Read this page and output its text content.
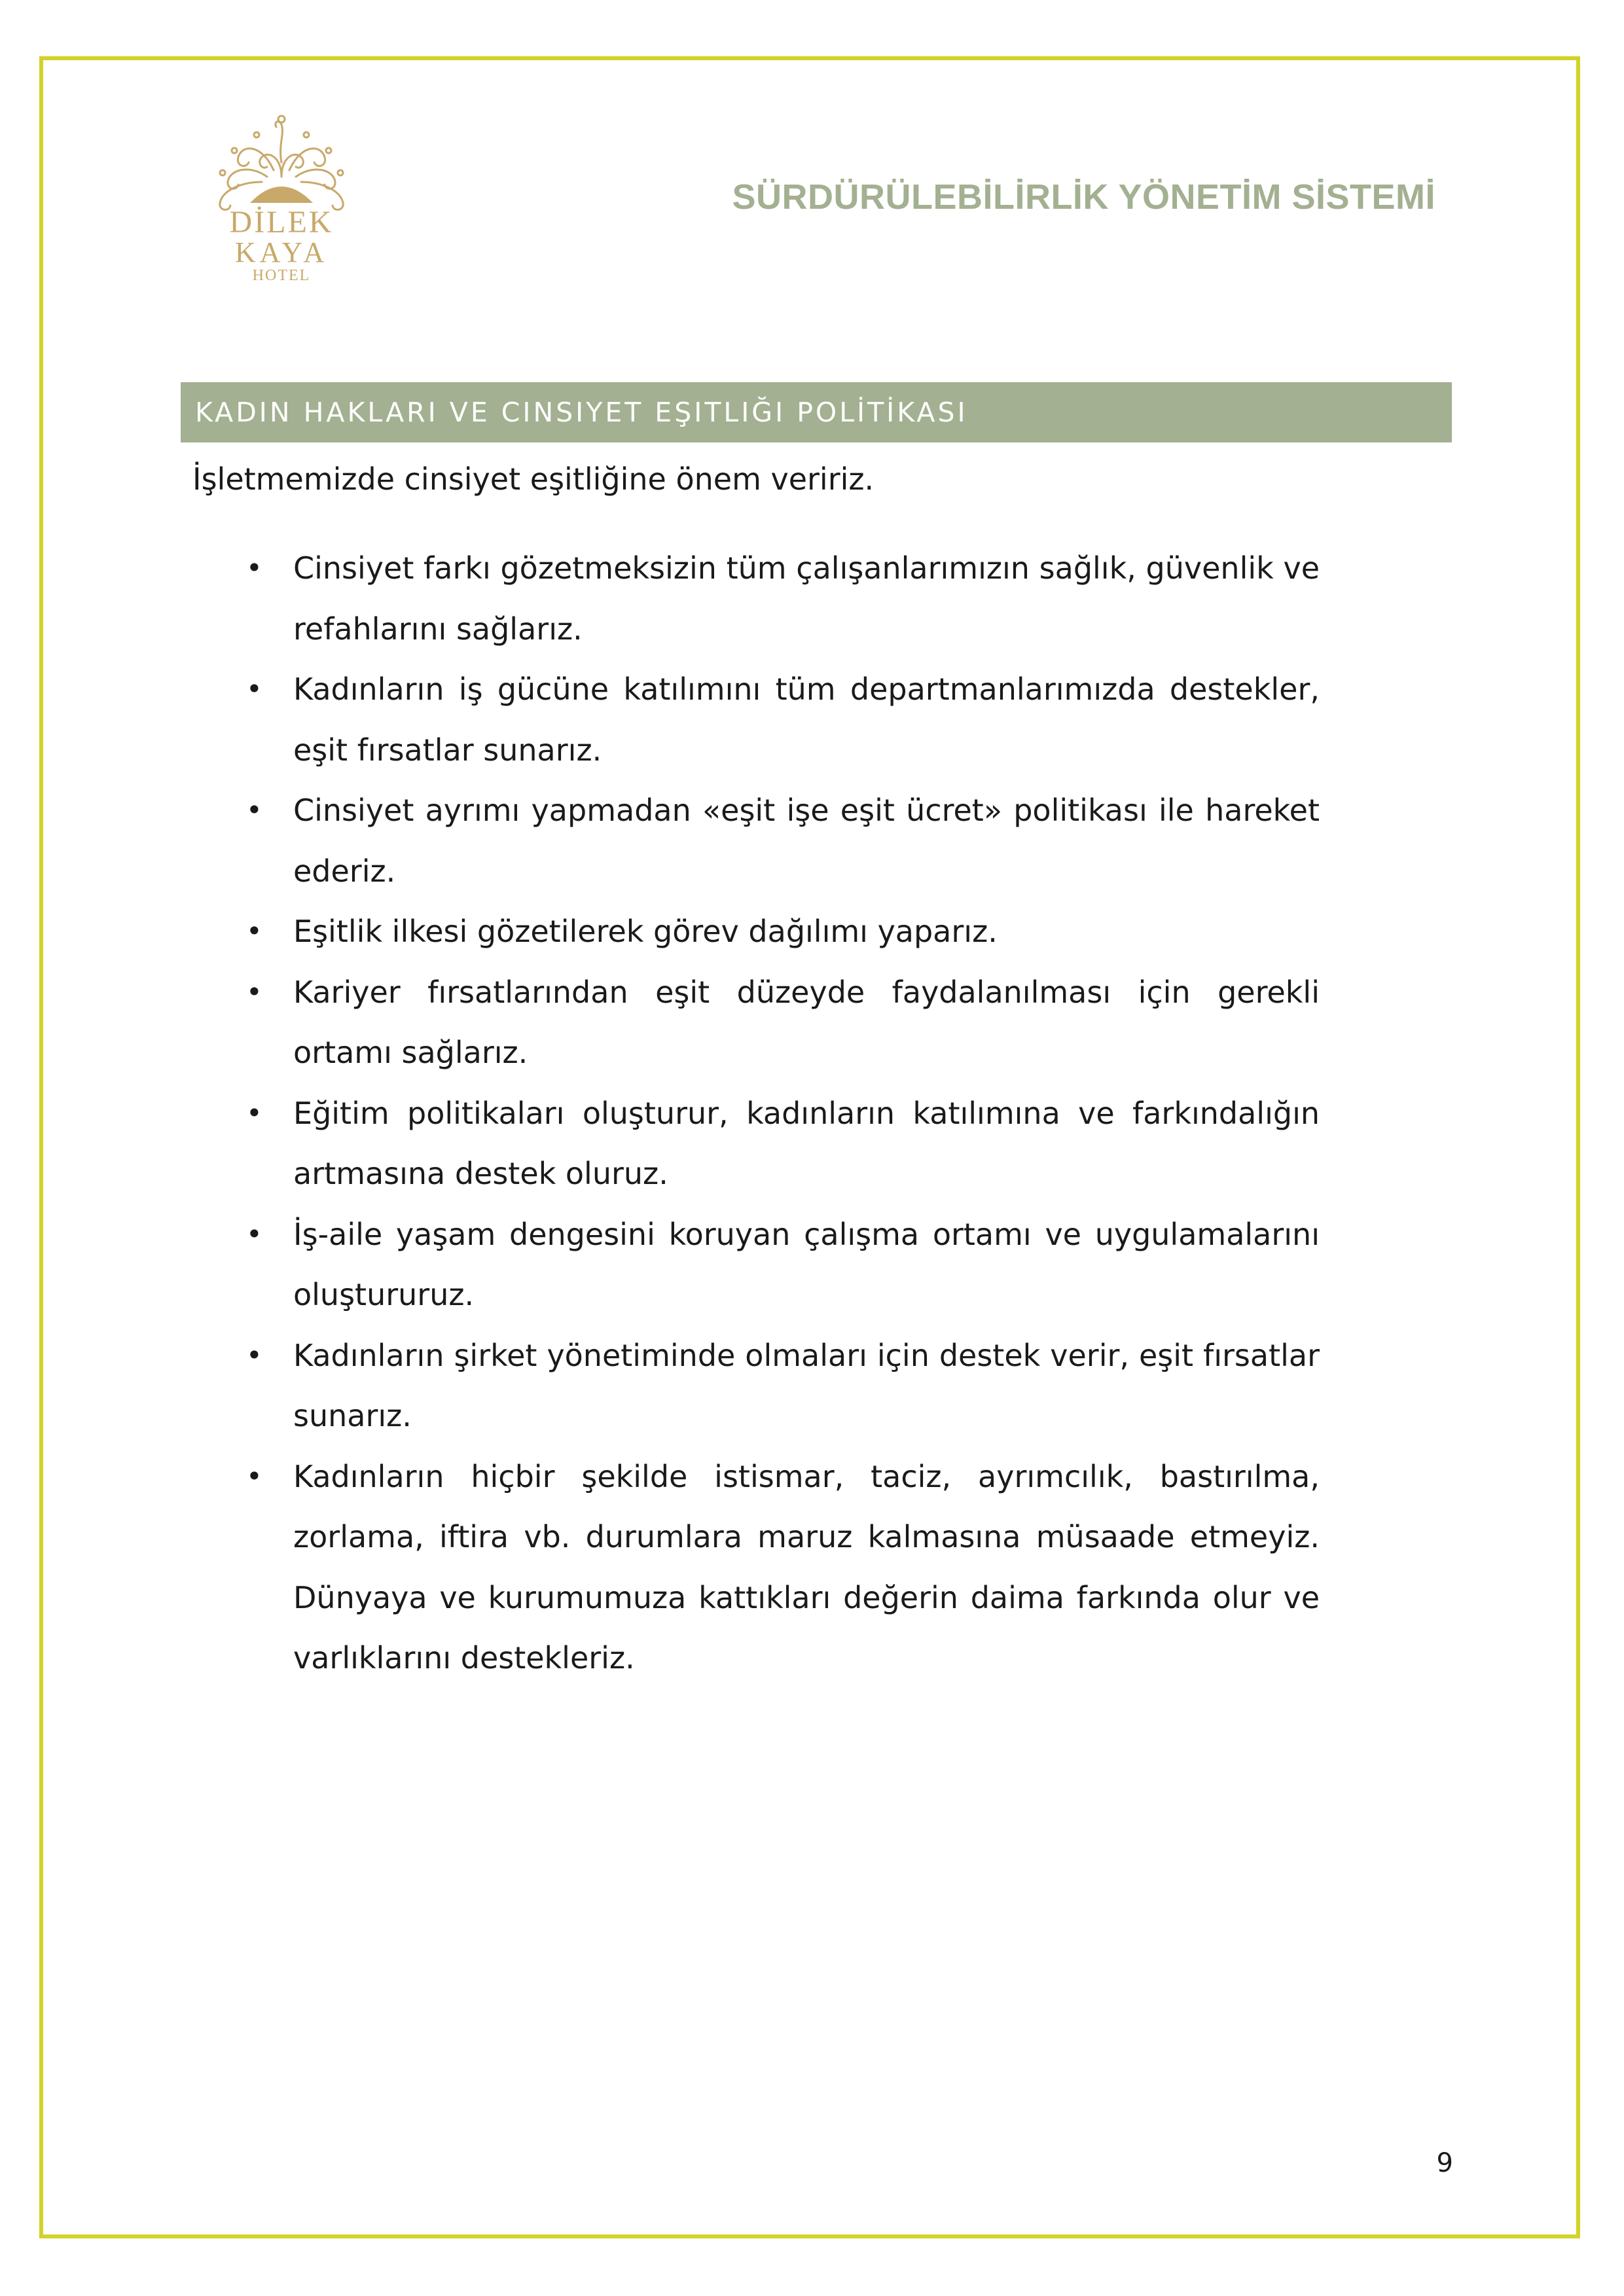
DİLEK
KAYA
HOTEL
SÜRDÜRÜLEBİLİRLİK YÖNETİM SİSTEMİ
KADIN HAKLARI VE CINSIYET EŞITLIĞI POLİTİKASI
İşletmemizde cinsiyet eşitliğine önem veririz.
• Cinsiyet farkı gözetmeksizin tüm çalışanlarımızın sağlık, güvenlik ve refahlarını sağlarız.
• Kadınların iş gücüne katılımını tüm departmanlarımızda destekler, eşit fırsatlar sunarız.
• Cinsiyet ayrımı yapmadan «eşit işe eşit ücret» politikası ile hareket ederiz.
• Eşitlik ilkesi gözetilerek görev dağılımı yaparız.
• Kariyer fırsatlarından eşit düzeyde faydalanılması için gerekli ortamı sağlarız.
• Eğitim politikaları oluşturur, kadınların katılımına ve farkındalığın artmasına destek oluruz.
• İş-aile yaşam dengesini koruyan çalışma ortamı ve uygulamalarını oluştururuz.
• Kadınların şirket yönetiminde olmaları için destek verir, eşit fırsatlar sunarız.
• Kadınların hiçbir şekilde istismar, taciz, ayrımcılık, bastırılma, zorlama, iftira vb. durumlara maruz kalmasına müsaade etmeyiz. Dünyaya ve kurumumuza kattıkları değerin daima farkında olur ve varlıklarını destekleriz.
9
